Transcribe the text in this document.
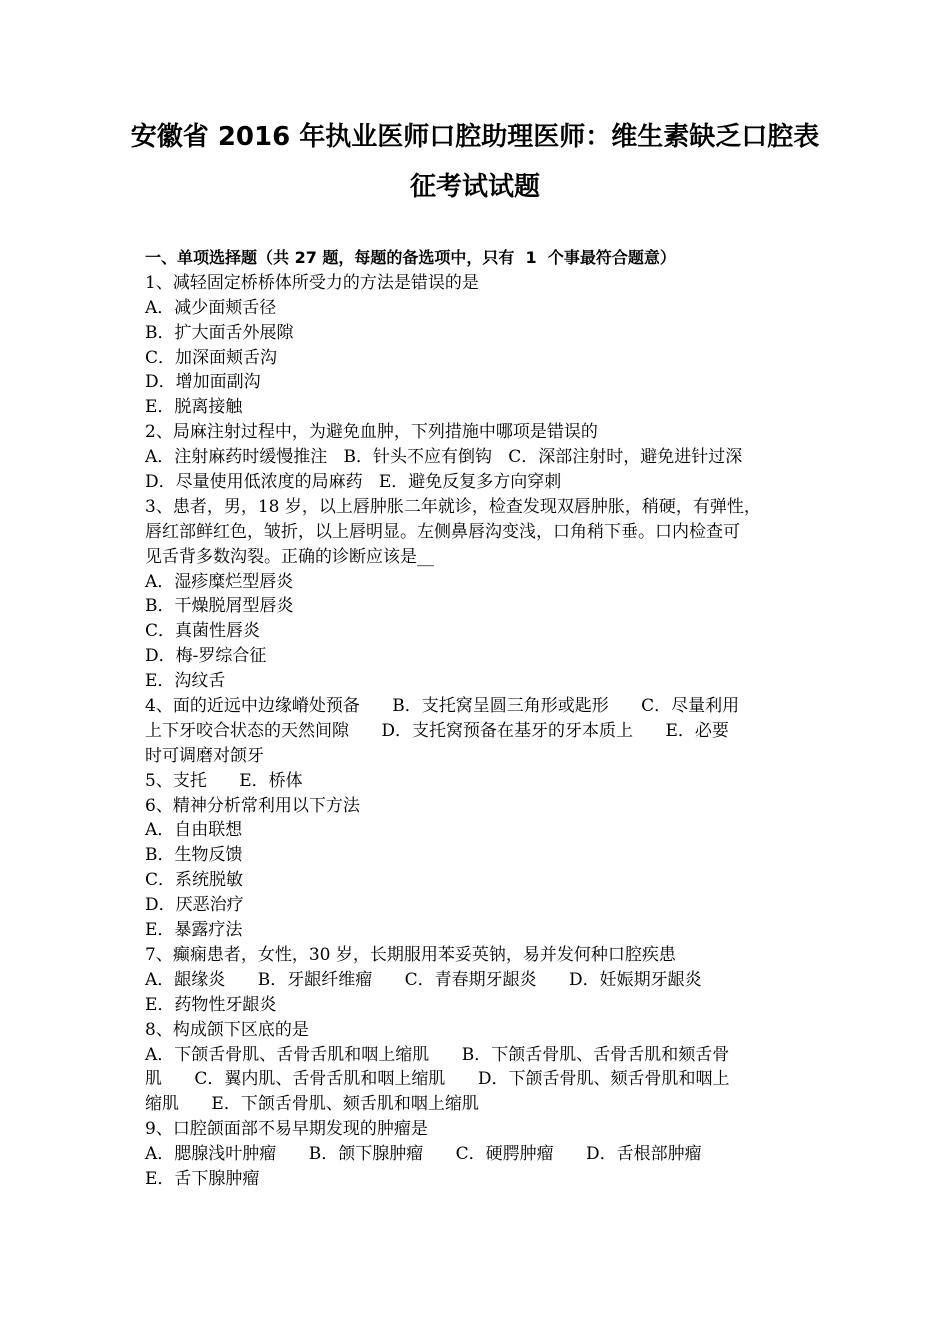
安徽省 2016 年执业医师口腔助理医师：维生素缺乏口腔表
征考试试题
一、单项选择题（共 27 题，每题的备选项中，只有  1  个事最符合题意）
1、减轻固定桥桥体所受力的方法是错误的是
A．减少面颊舌径
B．扩大面舌外展隙
C．加深面颊舌沟
D．增加面副沟
E．脱离接触
2、局麻注射过程中，为避免血肿，下列措施中哪项是错误的
A．注射麻药时缓慢推注   B．针头不应有倒钩   C．深部注射时，避免进针过深
D．尽量使用低浓度的局麻药   E．避免反复多方向穿刺
3、患者，男，18 岁，以上唇肿胀二年就诊，检查发现双唇肿胀，稍硬，有弹性，
唇红部鲜红色，皱折，以上唇明显。左侧鼻唇沟变浅，口角稍下垂。口内检查可
见舌背多数沟裂。正确的诊断应该是__
A．湿疹糜烂型唇炎
B．干燥脱屑型唇炎
C．真菌性唇炎
D．梅-罗综合征
E．沟纹舌
4、面的近远中边缘嵴处预备      B．支托窝呈圆三角形或匙形      C．尽量利用
上下牙咬合状态的天然间隙      D．支托窝预备在基牙的牙本质上      E．必要
时可调磨对颌牙
5、支托      E．桥体
6、精神分析常利用以下方法
A．自由联想
B．生物反馈
C．系统脱敏
D．厌恶治疗
E．暴露疗法
7、癫痫患者，女性，30 岁，长期服用苯妥英钠，易并发何种口腔疾患
A．龈缘炎      B．牙龈纤维瘤      C．青春期牙龈炎      D．妊娠期牙龈炎
E．药物性牙龈炎
8、构成颌下区底的是
A．下颌舌骨肌、舌骨舌肌和咽上缩肌      B．下颌舌骨肌、舌骨舌肌和颏舌骨
肌      C．翼内肌、舌骨舌肌和咽上缩肌      D．下颌舌骨肌、颏舌骨肌和咽上
缩肌      E．下颌舌骨肌、颏舌肌和咽上缩肌
9、口腔颌面部不易早期发现的肿瘤是
A．腮腺浅叶肿瘤      B．颌下腺肿瘤      C．硬腭肿瘤      D．舌根部肿瘤
E．舌下腺肿瘤
